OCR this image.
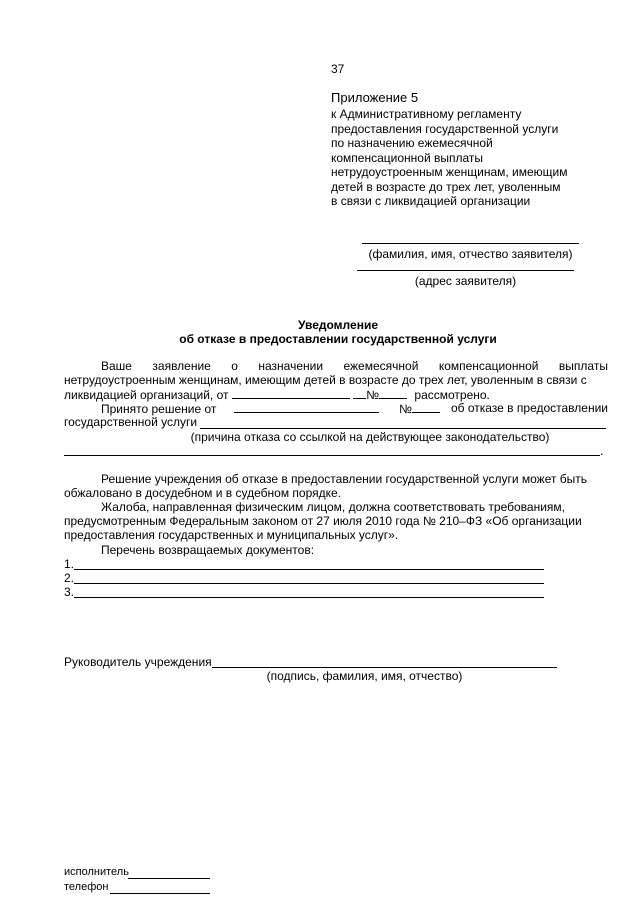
37
Приложение 5
к Административному регламенту
предоставления государственной услуги
по назначению ежемесячной
компенсационной выплаты
нетрудоустроенным женщинам, имеющим
детей в возрасте до трех лет, уволенным
в связи с ликвидацией организации
(фамилия, имя, отчество заявителя)
(адрес заявителя)
Уведомление
об отказе в предоставлении государственной услуги
Ваше заявление о назначении ежемесячной компенсационной выплаты
нетрудоустроенным женщинам, имеющим детей в возрасте до трех лет, уволенным в связи с
ликвидацией организаций, от	№	рассмотрено.
Принято решение от	№	об отказе в предоставлении
государственной услуги
(причина отказа со ссылкой на действующее законодательство)
.
Решение учреждения об отказе в предоставлении государственной услуги может быть
обжаловано в досудебном и в судебном порядке.
Жалоба, направленная физическим лицом, должна соответствовать требованиям,
предусмотренным Федеральным законом от 27 июля 2010 года № 210–ФЗ «Об организации
предоставления государственных и муниципальных услуг».
Перечень возвращаемых документов:
1.
2.
3.
Руководитель учреждения
(подпись, фамилия, имя, отчество)
исполнитель
телефон
